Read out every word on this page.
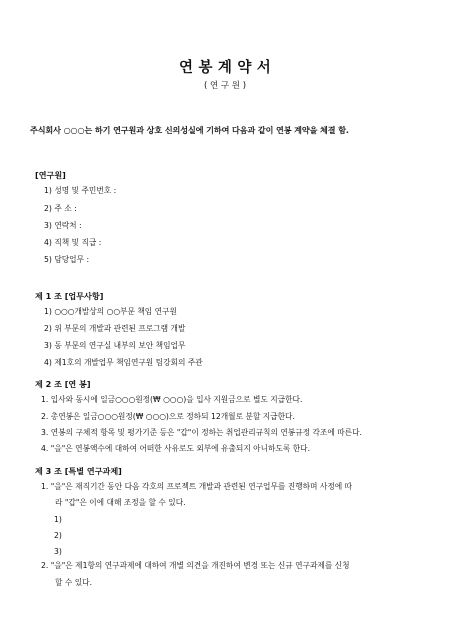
연 봉 계 약 서
( 연 구 원 )
주식회사 ○○○는 하기 연구원과 상호 신의성실에 기하여 다음과 같이 연봉 계약을 체결 함.
[연구원]
1) 성명 및 주민번호 :
2) 주 소 :
3) 연락처 :
4) 직책 및 직급 :
5) 담당업무 :
제 1 조 [업무사항]
1) ○○○개발상의 ○○부문 책임 연구원
2) 위 부문의 개발과 관련된 프로그램 개발
3) 동 부문의 연구실 내부의 보안 책임업무
4) 제1호의 개발업무 책임연구원 팀강회의 주관
제 2 조 [연 봉]
1. 입사와 동시에 일금○○○원정(₩ ○○○)을 입사 지원금으로 별도 지급한다.
2. 총연봉은 일금○○○원정(₩ ○○○)으로 정하되 12개월로 분할 지급한다.
3. 연봉의 구체적 항목 및 평가기준 등은 "갑"이 정하는 취업관리규칙의 연봉규정 각조에 따른다.
4. "을"은 연봉액수에 대하여 어떠한 사유로도 외부에 유출되지 아니하도록 한다.
제 3 조 [특별 연구과제]
1. "을"은 재직기간 동안 다음 각호의 프로젝트 개발과 관련된 연구업무를 진행하며 사정에 따
라 "갑"은 이에 대해 조정을 할 수 있다.
1)
2)
3)
2. "을"은 제1항의 연구과제에 대하여 개별 의견을 개진하여 변경 또는 신규 연구과제를 신청
할 수 있다.
